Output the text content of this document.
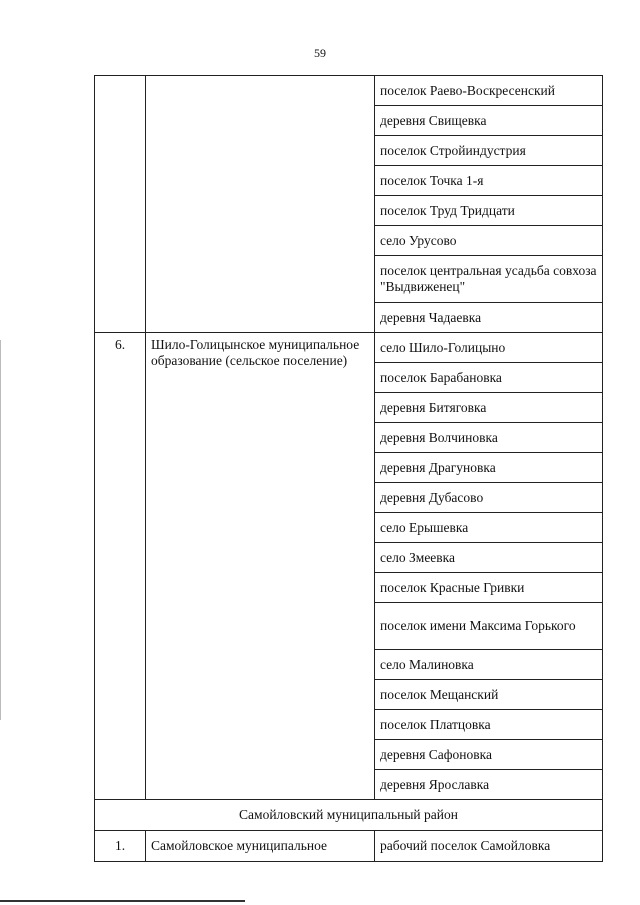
59
		поселок Раево-Воскресенский
		деревня Свищевка
		поселок Стройиндустрия
		поселок Точка 1-я
		поселок Труд Тридцати
		село Урусово
		поселок центральная усадьба совхоза "Выдвиженец"
		деревня Чадаевка

6.	Шило-Голицынское муниципальное образование (сельское поселение)	село Шило-Голицыно
		поселок Барабановка
		деревня Битяговка
		деревня Волчиновка
		деревня Драгуновка
		деревня Дубасово
		село Ерышевка
		село Змеевка
		поселок Красные Гривки
		поселок имени Максима Горького
		село Малиновка
		поселок Мещанский
		поселок Платцовка
		деревня Сафоновка
		деревня Ярославка
Самойловский муниципальный район		
1.	Самойловское муниципальное	рабочий поселок Самойловка
